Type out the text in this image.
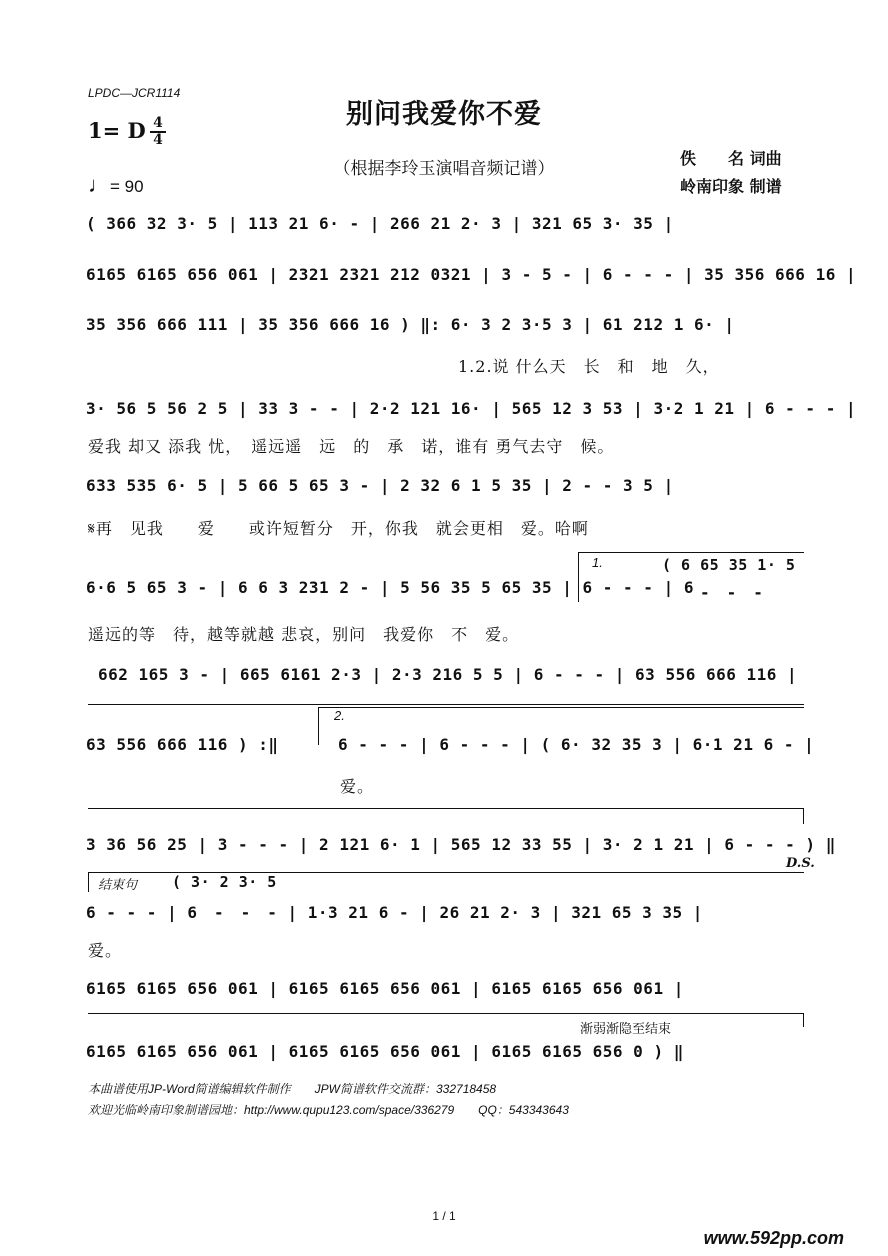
LPDC—JCR1114
别问我爱你不爱
（根据李玲玉演唱音频记谱）
1= D 4
4
♩= 90
佚　　名 词曲
岭南印象 制谱
( 366 32 3· 5 | 113 21 6· - | 266 21 2· 3 | 321 65 3· 35 |
6165 6165 656 061 | 2321 2321 212 0321 | 3 - 5 - | 6 - - - | 35 356 666 16 |
35 356 666 111 | 35 356 666 16 ) ‖: 6· 3 2 3·5 3 | 61 212 1 6· |
1.2.说 什么天　长　和　地　久，
3· 56 5 56 2 5 | 33 3 - - | 2·2 121 16· | 565 12 3 53 | 3·2 1 21 | 6 - - - |
爱我 却又 添我 忧，　遥远遥　远　的　承　诺，谁有 勇气去守　候。
633 535 6· 5 | 5 66 5 65 3 - | 2 32 6 1 5 35 | 2 - - 3 5 |
𝄋再　见我　　爱　　或许短暂分　开，你我　就会更相　爱。哈啊
1.	( 6 65 35 1· 5
6·6 5 65 3 - | 6 6 3 231 2 - | 5 56 35 5 65 35 | 6 - - - | 6 -　-　-
遥远的等　待，越等就越 悲哀，别问　我爱你　不　爱。
662 165 3 - | 665 6161 2·3 | 2·3 216 5 5 | 6 - - - | 63 556 666 116 |
2.
63 556 666 116 ) :‖	6 - - - | 6 - - - | ( 6· 32 35 3 | 6·1 21 6 - |
爱。
3 36 56 25 | 3 - - - | 2 121 6· 1 | 565 12 33 55 | 3· 2 1 21 | 6 - - - ) ‖
D.S.
结束句 ( 3· 2 3· 5
6 - - - | 6　-　-　- | 1·3 21 6 - | 26 21 2· 3 | 321 65 3 35 |
爱。
6165 6165 656 061 | 6165 6165 656 061 | 6165 6165 656 061 |
渐弱渐隐至结束
6165 6165 656 061 | 6165 6165 656 061 | 6165 6165 656 0 ) ‖
本曲谱使用JP-Word简谱编辑软件制作　　JPW简谱软件交流群：332718458
欢迎光临岭南印象制谱园地：http://www.qupu123.com/space/336279　　QQ：543343643
1 / 1
www.592pp.com
